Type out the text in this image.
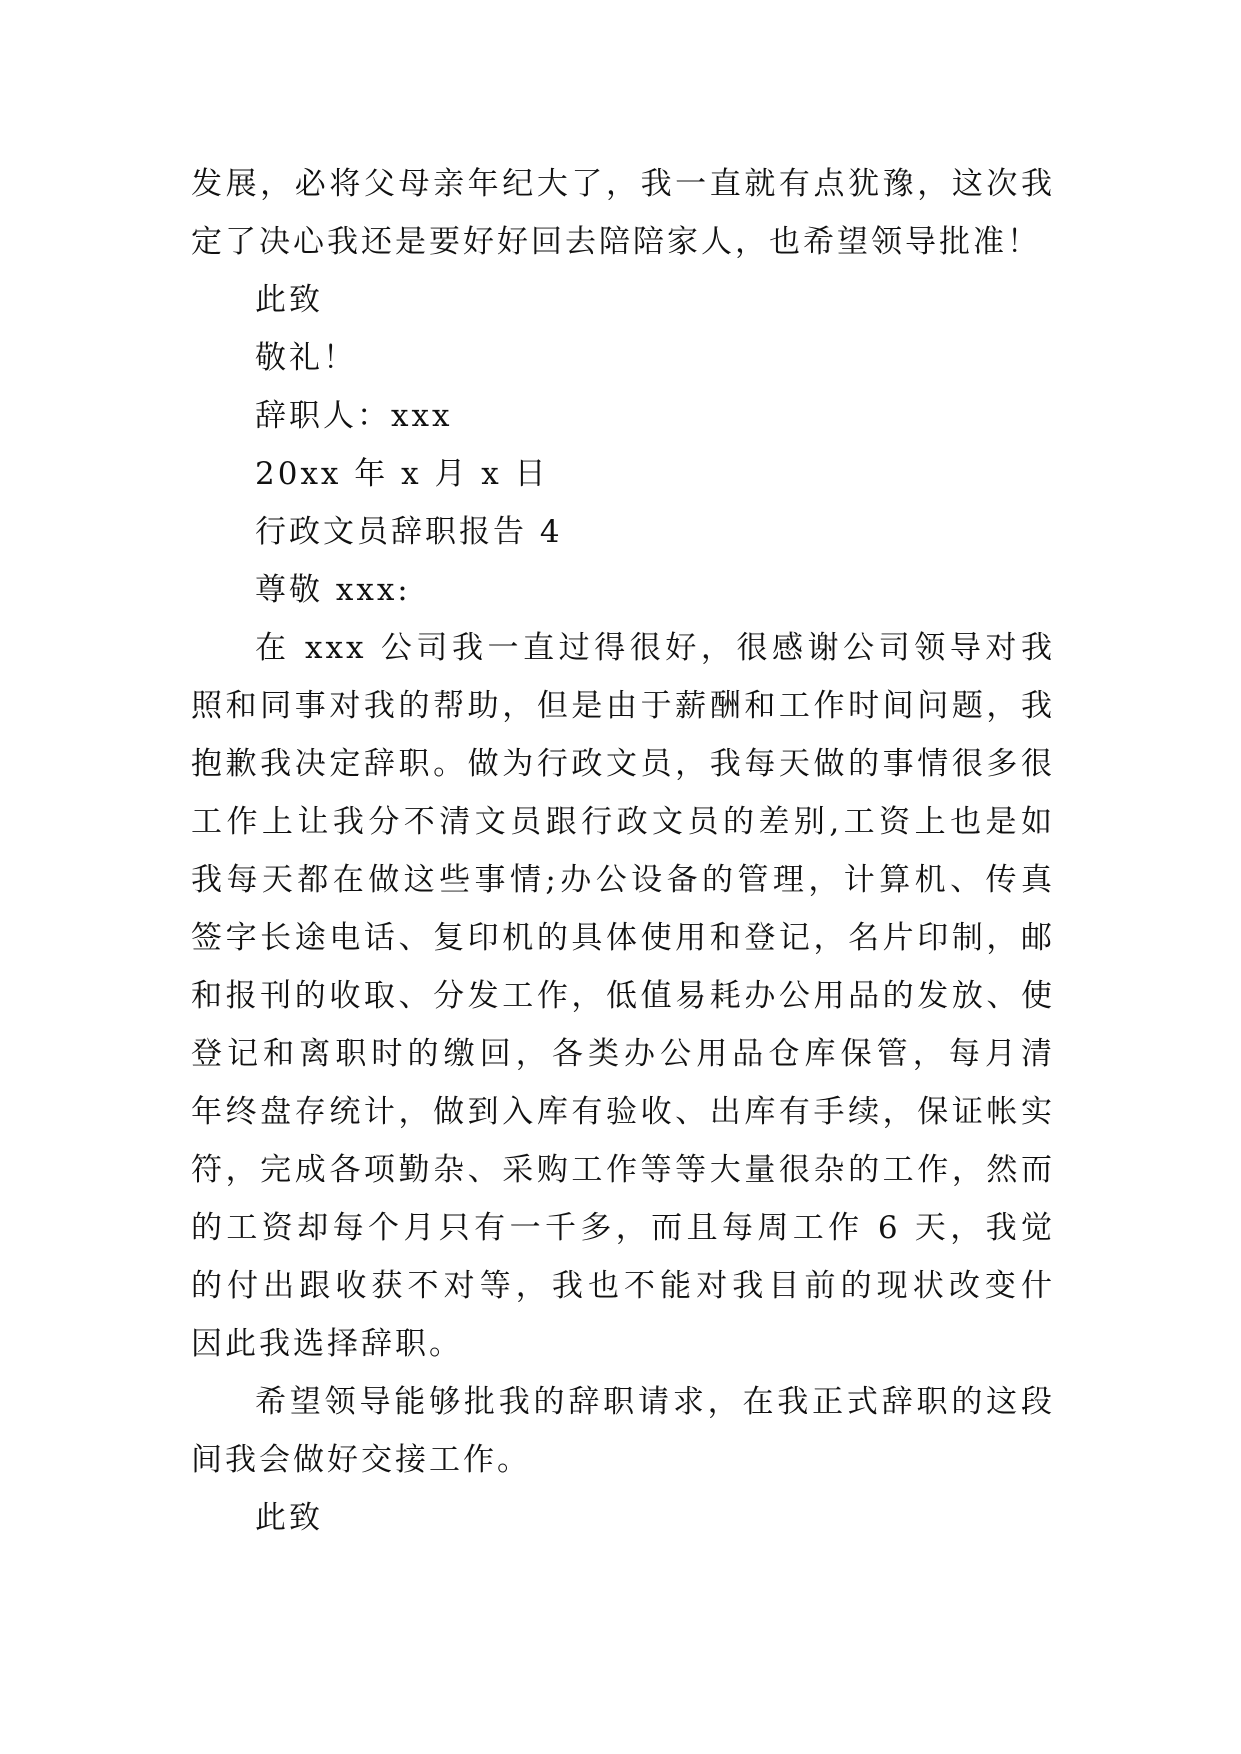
发展，必将父母亲年纪大了，我一直就有点犹豫，这次我
定了决心我还是要好好回去陪陪家人，也希望领导批准！
此致
敬礼！
辞职人：xxx
20xx 年 x 月 x 日
行政文员辞职报告 4
尊敬 xxx:
在 xxx 公司我一直过得很好，很感谢公司领导对我
照和同事对我的帮助，但是由于薪酬和工作时间问题，我
抱歉我决定辞职。做为行政文员，我每天做的事情很多很
工作上让我分不清文员跟行政文员的差别,工资上也是如
我每天都在做这些事情;办公设备的管理，计算机、传真
签字长途电话、复印机的具体使用和登记，名片印制，邮
和报刊的收取、分发工作，低值易耗办公用品的发放、使
登记和离职时的缴回，各类办公用品仓库保管，每月清
年终盘存统计，做到入库有验收、出库有手续，保证帐实
符，完成各项勤杂、采购工作等等大量很杂的工作，然而
的工资却每个月只有一千多，而且每周工作 6 天，我觉
的付出跟收获不对等，我也不能对我目前的现状改变什
因此我选择辞职。
希望领导能够批我的辞职请求，在我正式辞职的这段
间我会做好交接工作。
此致
